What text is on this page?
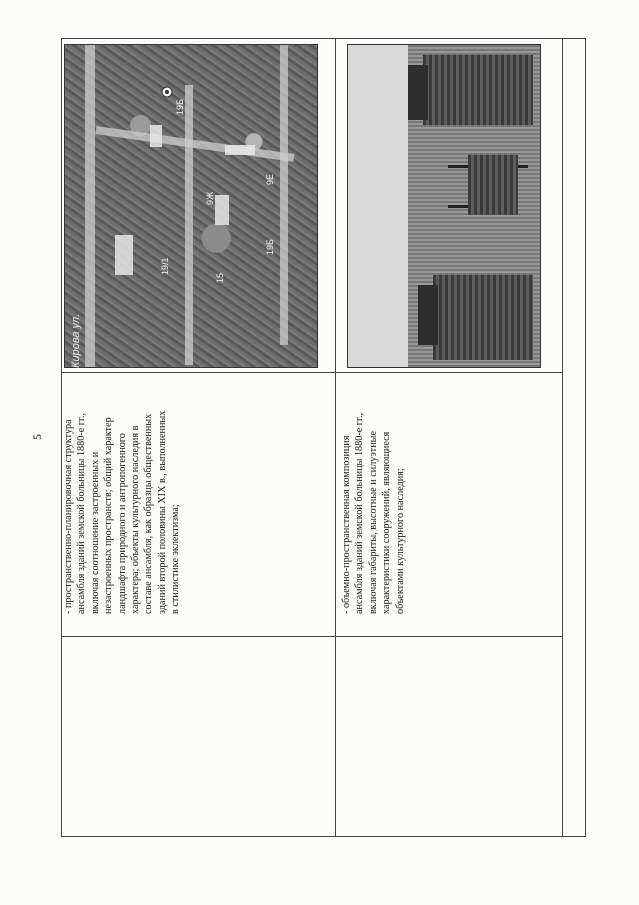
5 - пространственно-планировочная структура ансамбля зданий земской больницы 1880-е гг., включая соотношение застроенных и незастроенных пространств; общий характер ландшафта природного и антропогенного характера; объекты культурного наследия в составе ансамбля, как образцы общественных зданий второй половины XIX в., выполненных в стилистике эклектизма;	- объемно-пространственная композиция ансамбля зданий земской больницы 1880-е гг., включая габариты, высотные и силуэтные характеристики сооружений, являющиеся объектами культурного наследия;
15
19/1
19Б
9Е
9Ж
19Б
Кирова ул.
